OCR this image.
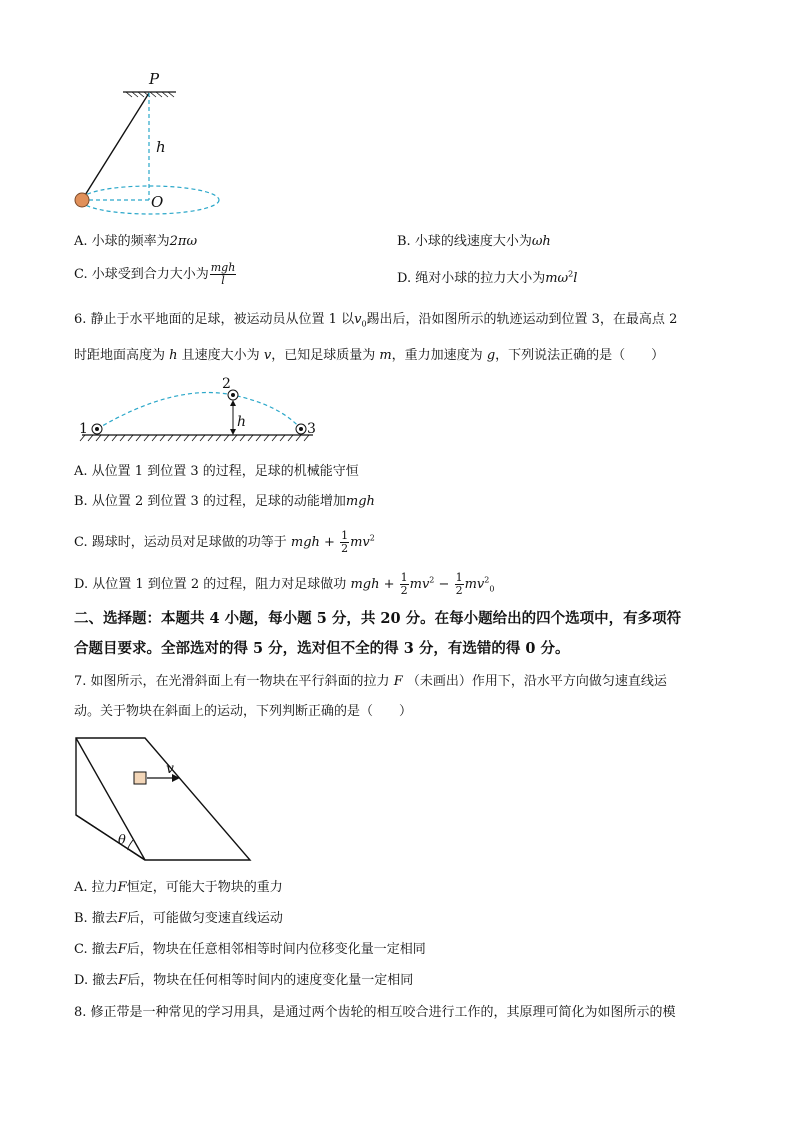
P
h
O
A. 小球的频率为2πω	B. 小球的线速度大小为ωh
C. 小球受到合力大小为 $\frac{\text{mgh}}{l}$	D. 绳对小球的拉力大小为$m\omega^2l$
6. 静止于水平地面的足球，被运动员从位置 1 以$v_0$踢出后，沿如图所示的轨迹运动到位置 3，在最高点 2
时距地面高度为 h 且速度大小为 v，已知足球质量为 m，重力加速度为 g，下列说法正确的是（　　）
1
2
3
h
A. 从位置 1 到位置 3 的过程，足球的机械能守恒
B. 从位置 2 到位置 3 的过程，足球的动能增加mgh
C. 踢球时，运动员对足球做的功等于 mgh + $\frac{1}{2} mv^2$
D. 从位置 1 到位置 2 的过程，阻力对足球做功 mgh + $\frac{1}{2} mv^2 - \frac{1}{2} mv^2_0$
二、选择题：本题共 4 小题，每小题 5 分，共 20 分。在每小题给出的四个选项中，有多项符
合题目要求。全部选对的得 5 分，选对但不全的得 3 分，有选错的得 0 分。
7. 如图所示，在光滑斜面上有一物块在平行斜面的拉力 F （未画出）作用下，沿水平方向做匀速直线运
动。关于物块在斜面上的运动，下列判断正确的是（　　）
v
θ
A. 拉力F恒定，可能大于物块的重力
B. 撤去F后，可能做匀变速直线运动
C. 撤去F后，物块在任意相邻相等时间内位移变化量一定相同
D. 撤去F后，物块在任何相等时间内的速度变化量一定相同
8. 修正带是一种常见的学习用具，是通过两个齿轮的相互咬合进行工作的，其原理可简化为如图所示的模
